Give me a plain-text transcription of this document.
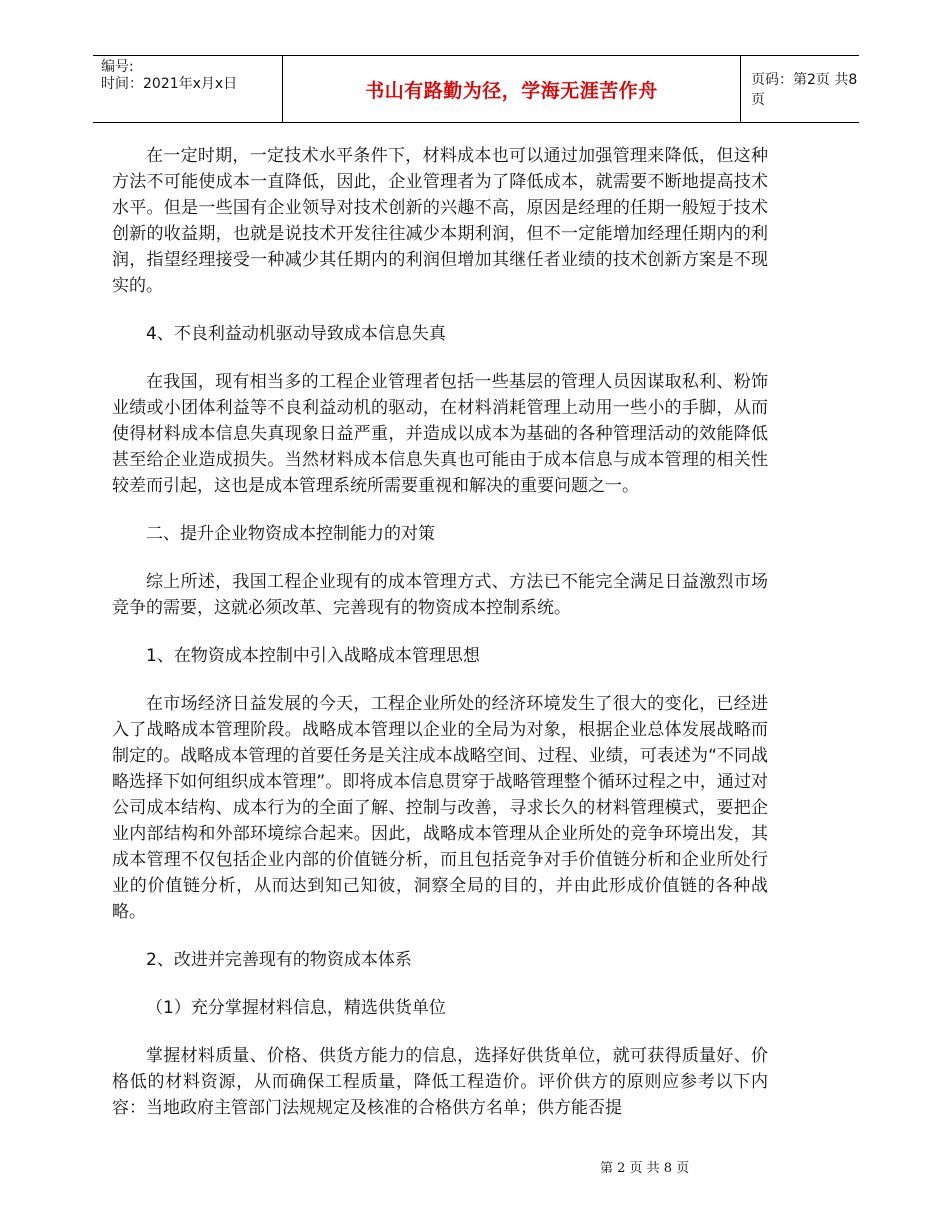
编号:
时间：2021年x月x日	书山有路勤为径，学海无涯苦作舟	页码：第2页 共8页

在一定时期，一定技术水平条件下，材料成本也可以通过加强管理来降低，但这种方法不可能使成本一直降低，因此，企业管理者为了降低成本，就需要不断地提高技术水平。但是一些国有企业领导对技术创新的兴趣不高，原因是经理的任期一般短于技术创新的收益期，也就是说技术开发往往减少本期利润，但不一定能增加经理任期内的利润，指望经理接受一种减少其任期内的利润但增加其继任者业绩的技术创新方案是不现实的。

4、不良利益动机驱动导致成本信息失真

在我国，现有相当多的工程企业管理者包括一些基层的管理人员因谋取私利、粉饰业绩或小团体利益等不良利益动机的驱动，在材料消耗管理上动用一些小的手脚，从而使得材料成本信息失真现象日益严重，并造成以成本为基础的各种管理活动的效能降低甚至给企业造成损失。当然材料成本信息失真也可能由于成本信息与成本管理的相关性较差而引起，这也是成本管理系统所需要重视和解决的重要问题之一。

二、提升企业物资成本控制能力的对策

综上所述，我国工程企业现有的成本管理方式、方法已不能完全满足日益激烈市场竞争的需要，这就必须改革、完善现有的物资成本控制系统。

1、在物资成本控制中引入战略成本管理思想

在市场经济日益发展的今天，工程企业所处的经济环境发生了很大的变化，已经进入了战略成本管理阶段。战略成本管理以企业的全局为对象，根据企业总体发展战略而制定的。战略成本管理的首要任务是关注成本战略空间、过程、业绩，可表述为“不同战略选择下如何组织成本管理”。即将成本信息贯穿于战略管理整个循环过程之中，通过对公司成本结构、成本行为的全面了解、控制与改善，寻求长久的材料管理模式，要把企业内部结构和外部环境综合起来。因此，战略成本管理从企业所处的竞争环境出发，其成本管理不仅包括企业内部的价值链分析，而且包括竞争对手价值链分析和企业所处行业的价值链分析，从而达到知己知彼，洞察全局的目的，并由此形成价值链的各种战略。

2、改进并完善现有的物资成本体系

（1）充分掌握材料信息，精选供货单位

掌握材料质量、价格、供货方能力的信息，选择好供货单位，就可获得质量好、价格低的材料资源，从而确保工程质量，降低工程造价。评价供方的原则应参考以下内容：当地政府主管部门法规规定及核准的合格供方名单；供方能否提

第 2 页 共 8 页
